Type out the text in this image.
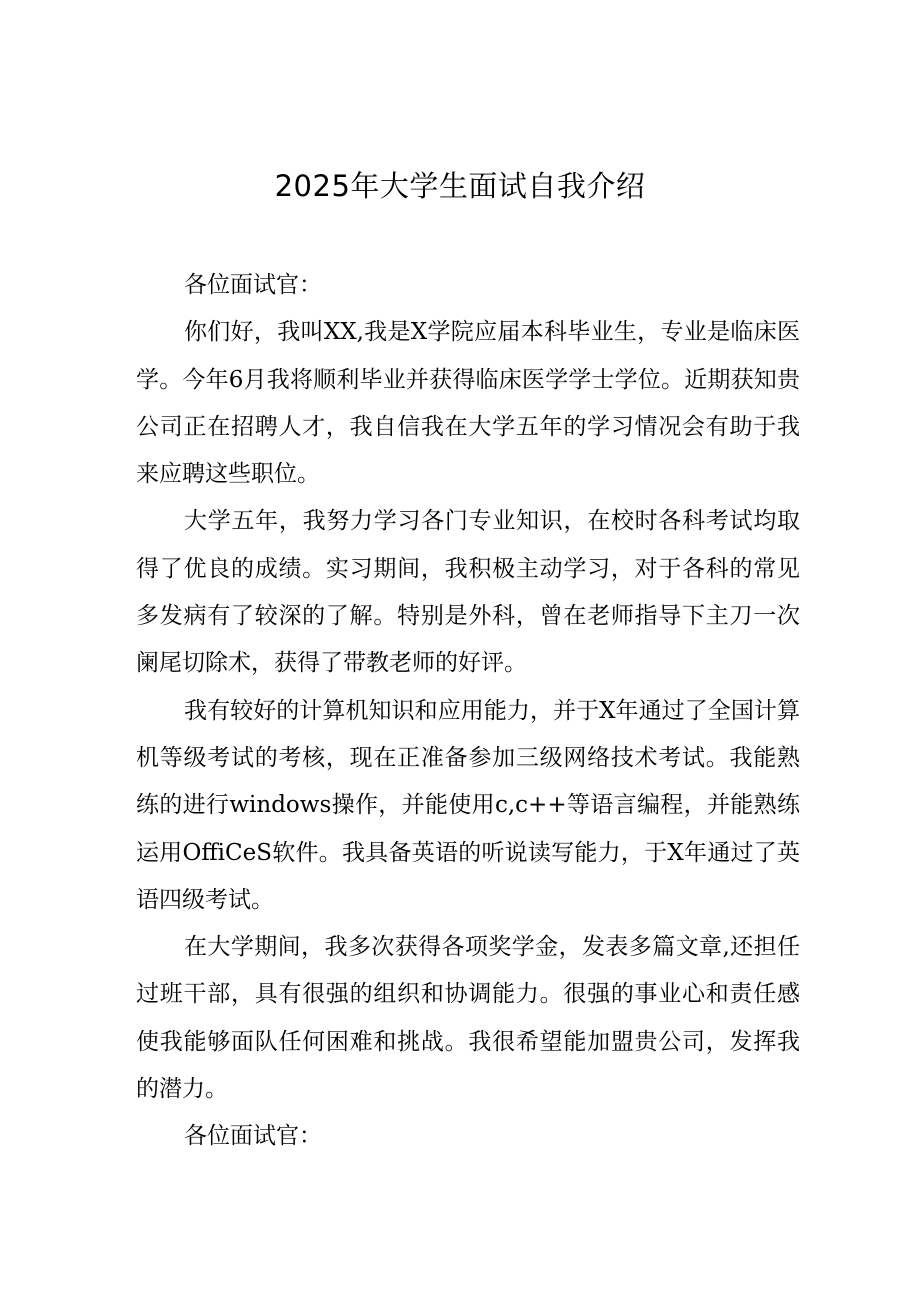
2025年大学生面试自我介绍

各位面试官：

你们好，我叫XX,我是X学院应届本科毕业生，专业是临床医学。今年6月我将顺利毕业并获得临床医学学士学位。近期获知贵公司正在招聘人才，我自信我在大学五年的学习情况会有助于我来应聘这些职位。

大学五年，我努力学习各门专业知识，在校时各科考试均取得了优良的成绩。实习期间，我积极主动学习，对于各科的常见多发病有了较深的了解。特别是外科，曾在老师指导下主刀一次阑尾切除术，获得了带教老师的好评。

我有较好的计算机知识和应用能力，并于X年通过了全国计算机等级考试的考核，现在正准备参加三级网络技术考试。我能熟练的进行windows操作，并能使用c,c++等语言编程，并能熟练运用OffiCeS软件。我具备英语的听说读写能力，于X年通过了英语四级考试。

在大学期间，我多次获得各项奖学金，发表多篇文章,还担任过班干部，具有很强的组织和协调能力。很强的事业心和责任感使我能够面队任何困难和挑战。我很希望能加盟贵公司，发挥我的潜力。

各位面试官：
